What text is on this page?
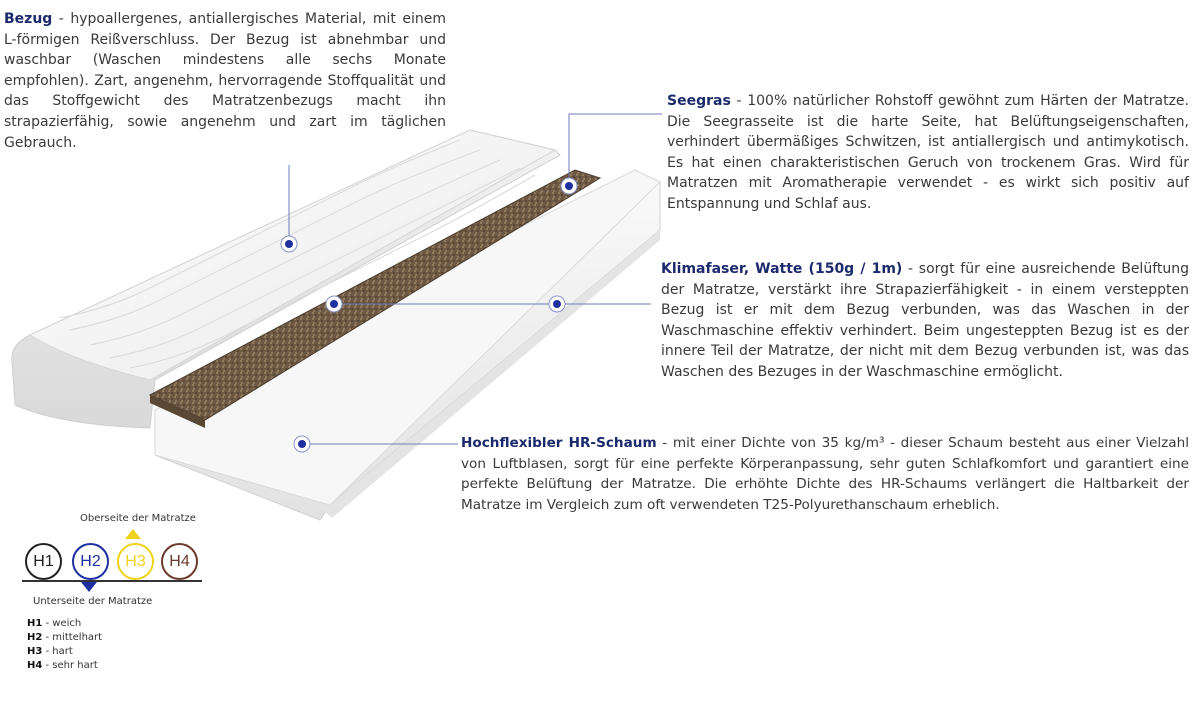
Bezug - hypoallergenes, antiallergisches Material, mit einem L-förmigen Reißverschluss. Der Bezug ist abnehmbar und waschbar (Waschen mindestens alle sechs Monate empfohlen). Zart, angenehm, hervorragende Stoffqualität und das Stoffgewicht des Matratzenbezugs macht ihn strapazierfähig, sowie angenehm und zart im täglichen Gebrauch.
Seegras - 100% natürlicher Rohstoff gewöhnt zum Härten der Matratze. Die Seegrasseite ist die harte Seite, hat Belüftungseigenschaften, verhindert übermäßiges Schwitzen, ist antiallergisch und antimykotisch. Es hat einen charakteristischen Geruch von trockenem Gras. Wird für Matratzen mit Aromatherapie verwendet - es wirkt sich positiv auf Entspannung und Schlaf aus.
Klimafaser, Watte (150g / 1m) - sorgt für eine ausreichende Belüftung der Matratze, verstärkt ihre Strapazierfähigkeit - in einem versteppten Bezug ist er mit dem Bezug verbunden, was das Waschen in der Waschmaschine effektiv verhindert. Beim ungesteppten Bezug ist es der innere Teil der Matratze, der nicht mit dem Bezug verbunden ist, was das Waschen des Bezuges in der Waschmaschine ermöglicht.
Hochflexibler HR-Schaum - mit einer Dichte von 35 kg/m³ - dieser Schaum besteht aus einer Vielzahl von Luftblasen, sorgt für eine perfekte Körperanpassung, sehr guten Schlafkomfort und garantiert eine perfekte Belüftung der Matratze. Die erhöhte Dichte des HR-Schaums verlängert die Haltbarkeit der Matratze im Vergleich zum oft verwendeten T25-Polyurethanschaum erheblich.
Oberseite der Matratze
H1	H2	H3	H4
Unterseite der Matratze
H1 - weich
H2 - mittelhart
H3 - hart
H4 - sehr hart
